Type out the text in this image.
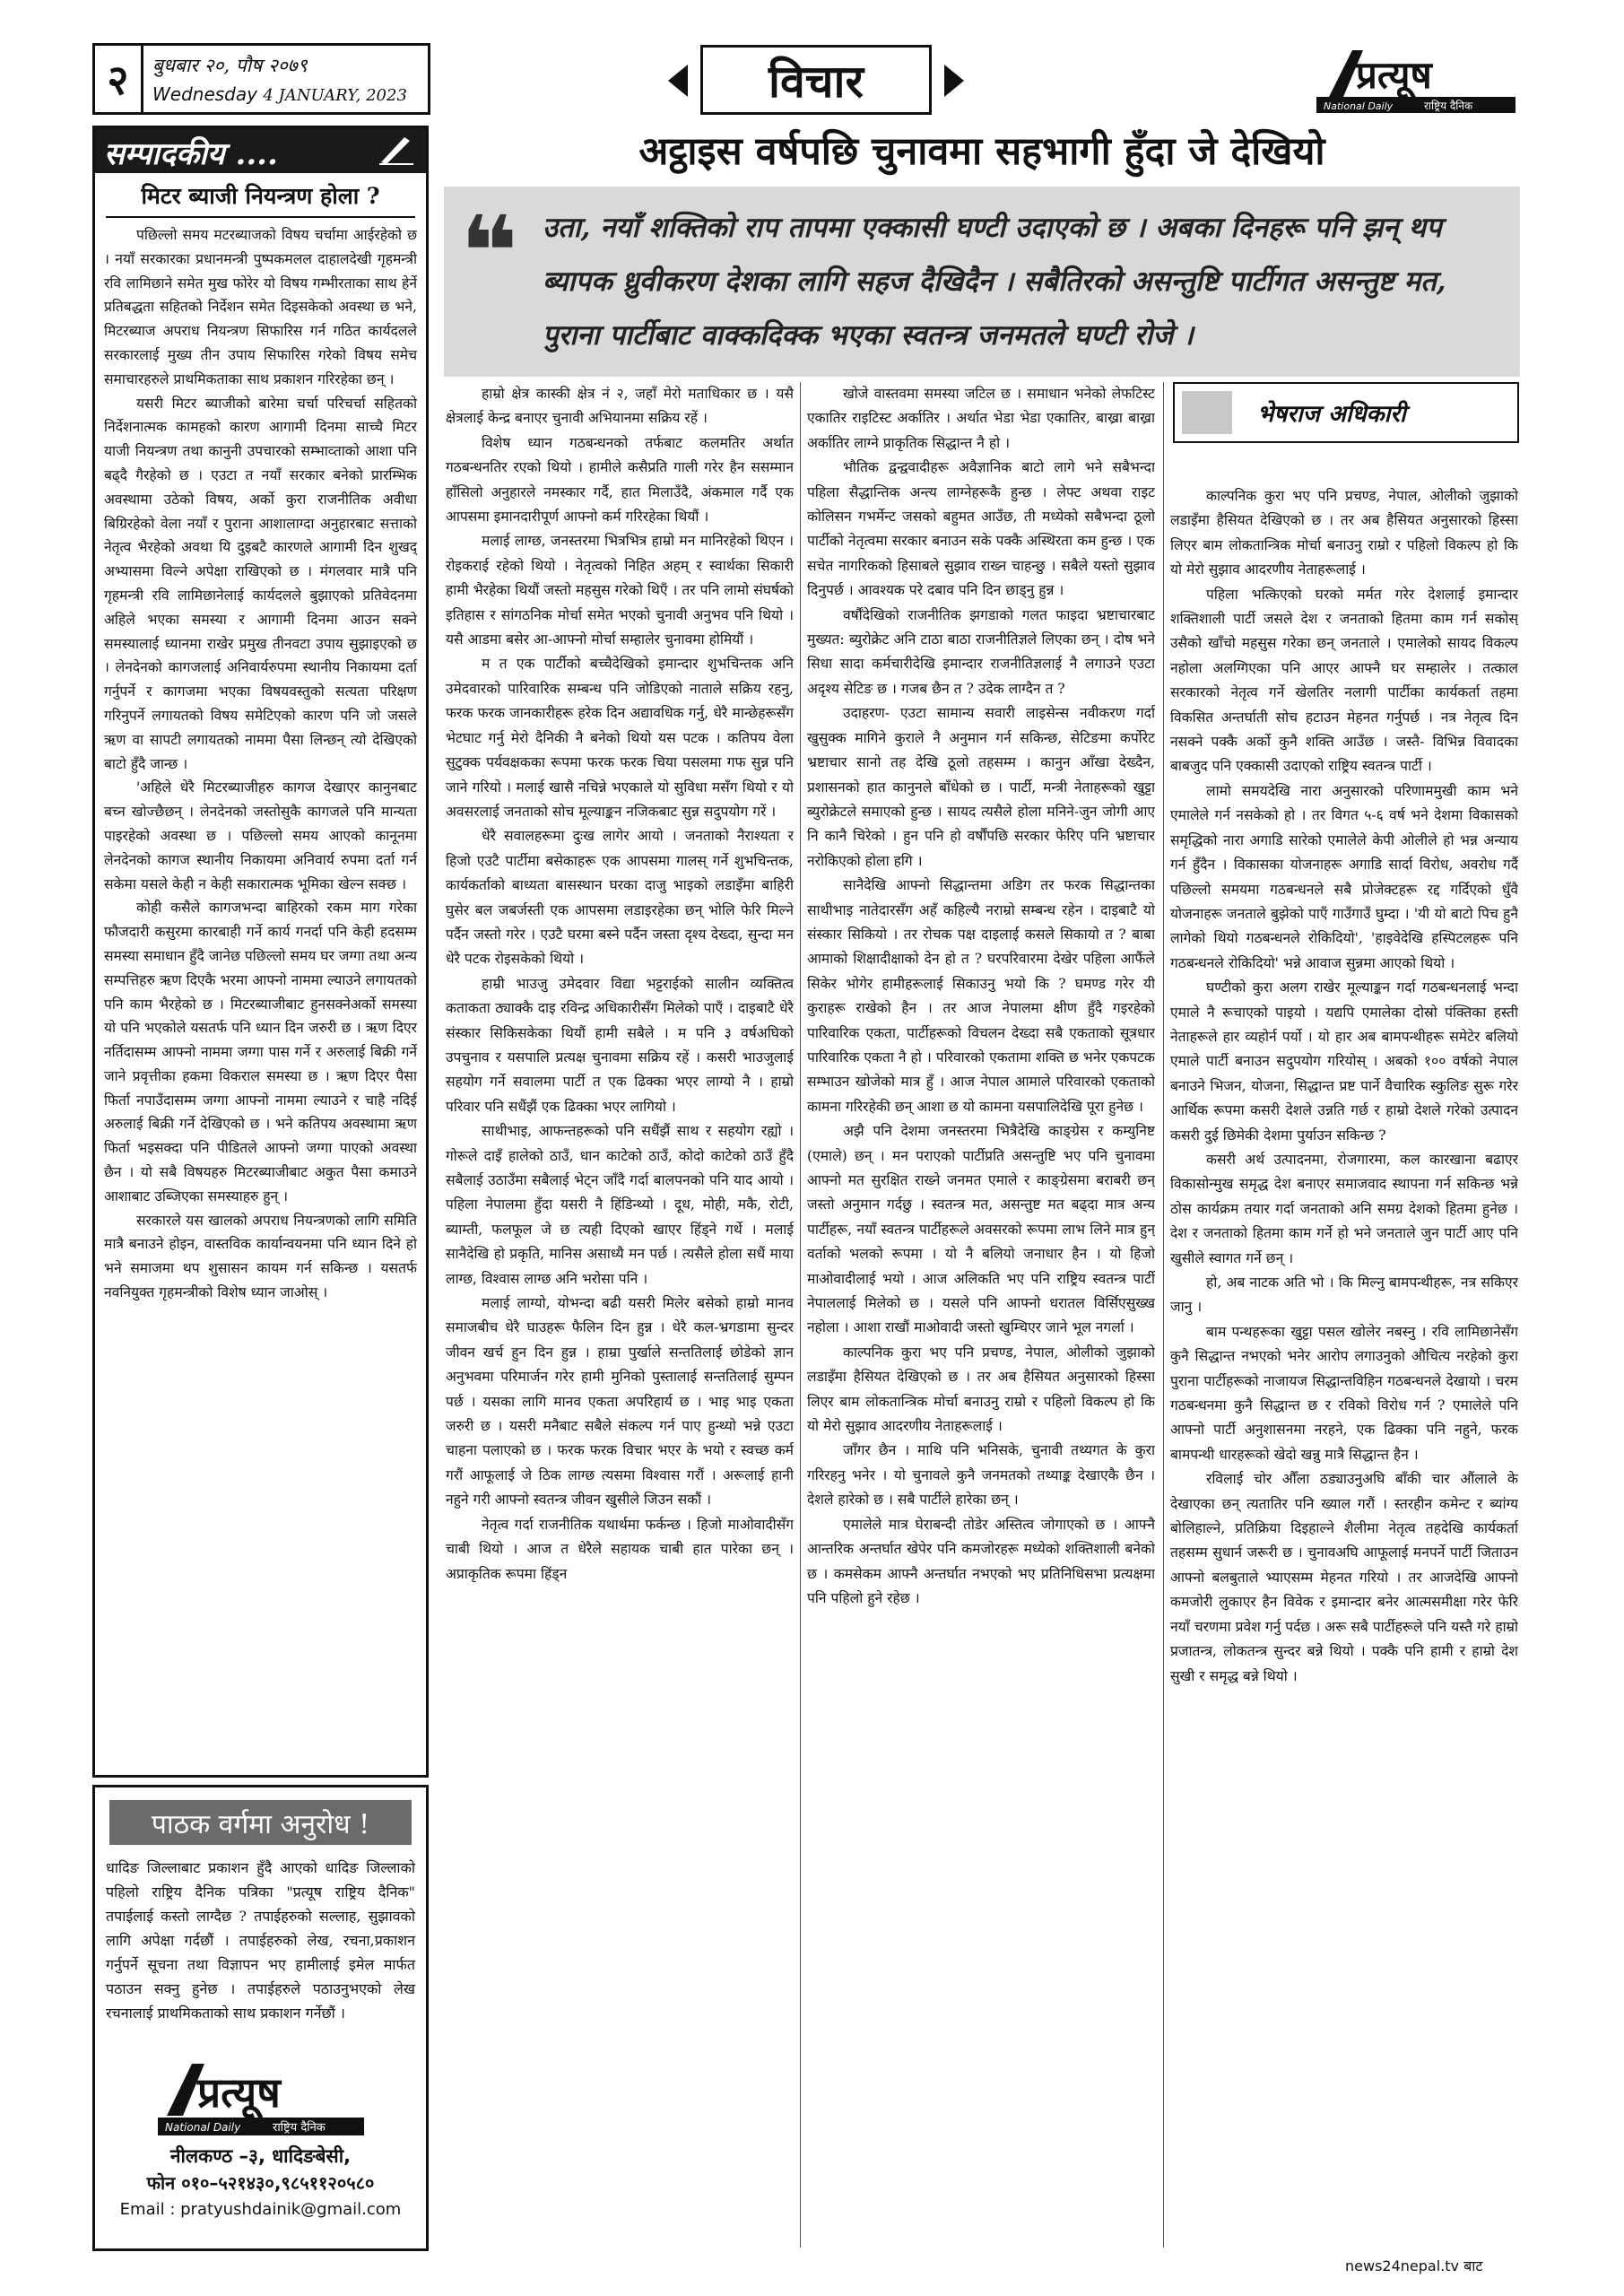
२	बुधबार २०, पौष २०७९
Wednesday 4 JANUARY, 2023	विचार	प्रत्यूष
National Daily	राष्ट्रिय दैनिक
सम्पादकीय ....
मिटर ब्याजी नियन्त्रण होला ?

पछिल्लो समय मटरब्याजको विषय चर्चामा आईरहेको छ । नयाँ सरकारका प्रधानमन्त्री पुष्पकमलल दाहालदेखी गृहमन्त्री रवि लामिछाने समेत मुख फोरेर यो विषय गम्भीरताका साथ हेर्ने प्रतिबद्धता सहितको निर्देशन समेत दिइसकेको अवस्था छ भने, मिटरब्याज अपराध नियन्त्रण सिफारिस गर्न गठित कार्यदलले सरकारलाई मुख्य तीन उपाय सिफारिस गरेको विषय समेच समाचारहरुले प्राथमिकताका साथ प्रकाशन गरिरहेका छन् ।

यसरी मिटर ब्याजीको बारेमा चर्चा परिचर्चा सहितको निर्देशनात्मक कामहको कारण आगामी दिनमा साच्चै मिटर याजी नियन्त्रण तथा कानुनी उपचारको सम्भाव्ताको आशा पनि बढ्दै गैरहेको छ । एउटा त नयाँ सरकार बनेको प्रारम्भिक अवस्थामा उठेको विषय, अर्को कुरा राजनीतिक अवीधा बिग्रिरहेको वेला नयाँ र पुराना आशालाग्दा अनुहारबाट सत्ताको नेतृत्व भैरहेको अवथा यि दुइबटै कारणले आगामी दिन शुखद् अभ्यासमा विल्ने अपेक्षा राखिएको छ । मंगलवार मात्रै पनि गृहमन्त्री रवि लामिछानेलाई कार्यदलले बुझाएको प्रतिवेदनमा अहिले भएका समस्या र आगामी दिनमा आउन सक्ने समस्यालाई ध्यानमा राखेर प्रमुख तीनवटा उपाय सुझाइएको छ । लेनदेनको कागजलाई अनिवार्यरुपमा स्थानीय निकायमा दर्ता गर्नुपर्ने र कागजमा भएका विषयवस्तुको सत्यता परिक्षण गरिनुपर्ने लगायतको विषय समेटिएको कारण पनि जो जसले ऋण वा सापटी लगायतको नाममा पैसा लिन्छन् त्यो देखिएको बाटो हुँदै जान्छ ।

'अहिले धेरै मिटरब्याजीहरु कागज देखाएर कानुनबाट बच्न खोज्छैछन् । लेनदेनको जस्तोसुकै कागजले पनि मान्यता पाइरहेको अवस्था छ । पछिल्लो समय आएको कानूनमा लेनदेनको कागज स्थानीय निकायमा अनिवार्य रुपमा दर्ता गर्न सकेमा यसले केही न केही सकारात्मक भूमिका खेल्न सक्छ ।

कोही कसैले कागजभन्दा बाहिरको रकम माग गरेका फौजदारी कसुरमा कारबाही गर्ने कार्य गनर्दा पनि केही हदसम्म समस्या समाधान हुँदै जानेछ पछिल्लो समय घर जग्गा तथा अन्य सम्पत्तिहरु ऋण दिएकै भरमा आफ्नो नाममा ल्याउने लगायतको पनि काम भैरहेको छ । मिटरब्याजीबाट हुनसक्नेअर्को समस्या यो पनि भएकोले यसतर्फ पनि ध्यान दिन जरुरी छ । ऋण दिएर नर्तिदासम्म आफ्नो नाममा जग्गा पास गर्ने र अरुलाई बिक्री गर्ने जाने प्रवृत्तीका हकमा विकराल समस्या छ । ऋण दिएर पैसा फिर्ता नपाउँदासम्म जग्गा आफ्नो नाममा ल्याउने र चाहै नदिई अरुलाई बिक्री गर्ने देखिएको छ । भने कतिपय अवस्थामा ऋण फिर्ता भइसक्दा पनि पीडितले आफ्नो जग्गा पाएको अवस्था छैन । यो सबै विषयहरु मिटरब्याजीबाट अकुत पैसा कमाउने आशाबाट उब्जिएका समस्याहरु हुन् ।

सरकारले यस खालको अपराध नियन्त्रणको लागि समिति मात्रै बनाउने होइन, वास्तविक कार्यान्वयनमा पनि ध्यान दिने हो भने समाजमा थप शुसासन कायम गर्न सकिन्छ । यसतर्फ नवनियुक्त गृहमन्त्रीको विशेष ध्यान जाओस् ।

पाठक वर्गमा अनुरोध !
धादिङ जिल्लाबाट प्रकाशन हुँदै आएको धादिङ जिल्लाको पहिलो राष्ट्रिय दैनिक पत्रिका "प्रत्यूष राष्ट्रिय दैनिक" तपाईलाई कस्तो लाग्दैछ ? तपाईहरुको सल्लाह, सुझावको लागि अपेक्षा गर्दछौं । तपाईहरुको लेख, रचना,प्रकाशन गर्नुपर्ने सूचना तथा विज्ञापन भए हामीलाई इमेल मार्फत पठाउन सक्नु हुनेछ । तपाईहरुले पठाउनुभएको लेख रचनालाई प्राथमिकताको साथ प्रकाशन गर्नेछौं ।
प्रत्यूष
National Daily	राष्ट्रिय दैनिक
नीलकण्ठ –३, धादिङबेसी,
फोन ०१०–५२१४३०,९८५११२०५८०
Email : pratyushdainik@gmail.com
अट्ठाइस वर्षपछि चुनावमा सहभागी हुँदा जे देखियो
❝ उता, नयाँ शक्तिको राप तापमा एक्कासी घण्टी उदाएको छ । अबका दिनहरू पनि झन् थप ब्यापक ध्रुवीकरण देशका लागि सहज दैखिदैन । सबैतिरको असन्तुष्टि पार्टीगत असन्तुष्ट मत, पुराना पार्टीबाट वाक्कदिक्क भएका स्वतन्त्र जनमतले घण्टी रोजे ।

हाम्रो क्षेत्र कास्की क्षेत्र नं २, जहाँ मेरो मताधिकार छ । यसै क्षेत्रलाई केन्द्र बनाएर चुनावी अभियानमा सक्रिय रहें ।

विशेष ध्यान गठबन्धनको तर्फबाट कलमतिर अर्थात गठबन्धनतिर रएको थियो । हामीले कसैप्रति गाली गरेर हैन ससम्मान हाँसिलो अनुहारले नमस्कार गर्दै, हात मिलाउँदै, अंकमाल गर्दै एक आपसमा इमानदारीपूर्ण आफ्नो कर्म गरिरहेका थियौं ।

मलाई लाग्छ, जनस्तरमा भित्रभित्र हाम्रो मन मानिरहेको थिएन । रोइकराई रहेको थियो । नेतृत्वको निहित अहम् र स्वार्थका सिकारी हामी भैरहेका थियौं जस्तो महसुस गरेको थिएँ । तर पनि लामो संघर्षको इतिहास र सांगठनिक मोर्चा समेत भएको चुनावी अनुभव पनि थियो । यसै आडमा बसेर आ-आफ्नो मोर्चा सम्हालेर चुनावमा होमियौं ।

म त एक पार्टीको बच्चैदेखिको इमान्दार शुभचिन्तक अनि उमेदवारको पारिवारिक सम्बन्ध पनि जोडिएको नाताले सक्रिय रहनु, फरक फरक जानकारीहरू हरेक दिन अद्यावधिक गर्नु, धेरै मान्छेहरूसँग भेटघाट गर्नु मेरो दैनिकी नै बनेको थियो यस पटक । कतिपय वेला सुटुक्क पर्यवक्षकका रूपमा फरक फरक चिया पसलमा गफ सुन्न पनि जाने गरियो । मलाई खासै नचिन्ने भएकाले यो सुविधा मसँग थियो र यो अवसरलाई जनताको सोच मूल्याङ्कन नजिकबाट सुन्न सदुपयोग गरें ।

धेरै सवालहरूमा दुःख लागेर आयो । जनताको नैराश्यता र हिजो एउटै पार्टीमा बसेकाहरू एक आपसमा गालस् गर्ने शुभचिन्तक, कार्यकर्ताको बाध्यता बासस्थान घरका दाजु भाइको लडाइँमा बाहिरी घुसेर बल जबर्जस्ती एक आपसमा लडाइरहेका छन् भोलि फेरि मिल्ने पर्दैन जस्तो गरेर । एउटै घरमा बस्ने पर्दैन जस्ता दृश्य देख्दा, सुन्दा मन धेरै पटक रोइसकेको थियो ।

हाम्री भाउजु उमेदवार विद्या भट्टराईको सालीन व्यक्तित्व कताकता ठ्याक्कै दाइ रविन्द्र अधिकारीसँग मिलेको पाएँ । दाइबाटै धेरै संस्कार सिकिसकेका थियौं हामी सबैले । म पनि ३ वर्षअघिको उपचुनाव र यसपालि प्रत्यक्ष चुनावमा सक्रिय रहें । कसरी भाउजुलाई सहयोग गर्ने सवालमा पार्टी त एक ढिक्का भएर लाग्यो नै । हाम्रो परिवार पनि सधैंझैं एक ढिक्का भएर लागियो ।

साथीभाइ, आफन्तहरूको पनि सधैंझैं साथ र सहयोग रह्यो । गोरूले दाइँ हालेको ठाउँ, धान काटेको ठाउँ, कोदो काटेको ठाउँ हुँदै सबैलाई उठाउँमा सबैलाई भेट्न जाँदै गर्दा बालपनको पनि याद आयो । पहिला नेपालमा हुँदा यसरी नै हिंडिन्थ्यो । दूध, मोही, मकै, रोटी, ब्याम्ती, फलफूल जे छ त्यही दिएको खाएर हिंड्ने गर्थे । मलाई सानैदेखि हो प्रकृति, मानिस असाध्यै मन पर्छ । त्यसैले होला सधैं माया लाग्छ, विश्वास लाग्छ अनि भरोसा पनि ।

मलाई लाग्यो, योभन्दा बढी यसरी मिलेर बसेको हाम्रो मानव समाजबीच धेरै घाउहरू फैलिन दिन हुन्न । धेरै कल-भ्रगडामा सुन्दर जीवन खर्च हुन दिन हुन्न । हाम्रा पुर्खाले सन्ततिलाई छोडेको ज्ञान अनुभवमा परिमार्जन गरेर हामी मुनिको पुस्तालाई सन्ततिलाई सुम्पन पर्छ । यसका लागि मानव एकता अपरिहार्य छ । भाइ भाइ एकता जरुरी छ । यसरी मनैबाट सबैले संकल्प गर्न पाए हुन्थ्यो भन्ने एउटा चाहना पलाएको छ । फरक फरक विचार भएर के भयो र स्वच्छ कर्म गरौं आफूलाई जे ठिक लाग्छ त्यसमा विश्वास गरौं । अरूलाई हानी नहुने गरी आफ्नो स्वतन्त्र जीवन खुसीले जिउन सकौं ।

नेतृत्व गर्दा राजनीतिक यथार्थमा फर्कन्छ । हिजो माओवादीसँग चाबी थियो । आज त धेरैले सहायक चाबी हात पारेका छन् । अप्राकृतिक रूपमा हिंड्न

खोजे वास्तवमा समस्या जटिल छ । समाधान भनेको लेफटिस्ट एकातिर राइटिस्ट अर्कातिर । अर्थात भेडा भेडा एकातिर, बाख्रा बाख्रा अर्कातिर लाग्ने प्राकृतिक सिद्धान्त नै हो ।

भौतिक द्वन्द्ववादीहरू अवैज्ञानिक बाटो लागे भने सबैभन्दा पहिला सैद्धान्तिक अन्त्य लाग्नेहरूकै हुन्छ । लेफ्ट अथवा राइट कोलिसन गभर्मेन्ट जसको बहुमत आउँछ, ती मध्येको सबैभन्दा ठूलो पार्टीको नेतृत्वमा सरकार बनाउन सके पक्कै अस्थिरता कम हुन्छ । एक सचेत नागरिकको हिसाबले सुझाव राख्न चाहन्छु । सबैले यस्तो सुझाव दिनुपर्छ । आवश्यक परे दबाव पनि दिन छाड्नु हुन्न ।

वर्षौंदेखिको राजनीतिक झगडाको गलत फाइदा भ्रष्टाचारबाट मुख्यत: ब्युरोक्रेट अनि टाठा बाठा राजनीतिज्ञले लिएका छन् । दोष भने सिधा सादा कर्मचारीदेखि इमान्दार राजनीतिज्ञलाई नै लगाउने एउटा अदृश्य सेटिङ छ । गजब छैन त ? उदेक लाग्दैन त ?

उदाहरण- एउटा सामान्य सवारी लाइसेन्स नवीकरण गर्दा खुसुक्क मागिने कुराले नै अनुमान गर्न सकिन्छ, सेटिङमा कर्पोरेट भ्रष्टाचार सानो तह देखि ठूलो तहसम्म । कानुन आँखा देख्दैन, प्रशासनको हात कानुनले बाँधेको छ । पार्टी, मन्त्री नेताहरूको खुट्टा ब्युरोक्रेटले समाएको हुन्छ । सायद त्यसैले होला मनिने-जुन जोगी आए नि कानै चिरेको । हुन पनि हो वर्षौंपछि सरकार फेरिए पनि भ्रष्टाचार नरोकिएको होला हगि ।

सानैदेखि आफ्नो सिद्धान्तमा अडिग तर फरक सिद्धान्तका साथीभाइ नातेदारसँग अहँ कहिल्यै नराम्रो सम्बन्ध रहेन । दाइबाटै यो संस्कार सिकियो । तर रोचक पक्ष दाइलाई कसले सिकायो त ? बाबा आमाको शिक्षादीक्षाको देन हो त ? घरपरिवारमा देखेर पहिला आफैंले सिकेर भोगेर हामीहरूलाई सिकाउनु भयो कि ? घमण्ड गरेर यी कुराहरू राखेको हैन । तर आज नेपालमा क्षीण हुँदै गइरहेको पारिवारिक एकता, पार्टीहरूको विचलन देख्दा सबै एकताको सूत्रधार पारिवारिक एकता नै हो । परिवारको एकतामा शक्ति छ भनेर एकपटक सम्भाउन खोजेको मात्र हुँ । आज नेपाल आमाले परिवारको एकताको कामना गरिरहेकी छन् आशा छ यो कामना यसपालिदेखि पूरा हुनेछ ।

अझै पनि देशमा जनस्तरमा भित्रैदेखि काङ्ग्रेस र कम्युनिष्ट (एमाले) छन् । मन पराएको पार्टीप्रति असन्तुष्टि भए पनि चुनावमा आफ्नो मत सुरक्षित राख्ने जनमत एमाले र काङ्ग्रेसमा बराबरी छन् जस्तो अनुमान गर्दछु । स्वतन्त्र मत, असन्तुष्ट मत बढ्दा मात्र अन्य पार्टीहरू, नयाँ स्वतन्त्र पार्टीहरूले अवसरको रूपमा लाभ लिने मात्र हुन् वर्ताको भलको रूपमा । यो नै बलियो जनाधार हैन । यो हिजो माओवादीलाई भयो । आज अलिकति भए पनि राष्ट्रिय स्वतन्त्र पार्टी नेपाललाई मिलेको छ । यसले पनि आफ्नो धरातल विर्सिएसुख्ख नहोला । आशा राखौं माओवादी जस्तो खुम्चिएर जाने भूल नगर्ला ।

काल्पनिक कुरा भए पनि प्रचण्ड, नेपाल, ओलीको जुझाको लडाइँमा हैसियत देखिएको छ । तर अब हैसियत अनुसारको हिस्सा लिएर बाम लोकतान्त्रिक मोर्चा बनाउनु राम्रो र पहिलो विकल्प हो कि यो मेरो सुझाव आदरणीय नेताहरूलाई ।

जाँगर छैन । माथि पनि भनिसके, चुनावी तथ्यगत के कुरा गरिरहनु भनेर । यो चुनावले कुनै जनमतको तथ्याङ्क देखाएकै छैन । देशले हारेको छ । सबै पार्टीले हारेका छन् ।

एमालेले मात्र घेराबन्दी तोडेर अस्तित्व जोगाएको छ । आफ्नै आन्तरिक अन्तर्घात खेपेर पनि कमजोरहरू मध्येको शक्तिशाली बनेको छ । कमसेकम आफ्नै अन्तर्घात नभएको भए प्रतिनिधिसभा प्रत्यक्षमा पनि पहिलो हुने रहेछ ।

भेषराज अधिकारी

काल्पनिक कुरा भए पनि प्रचण्ड, नेपाल, ओलीको जुझाको लडाइँमा हैसियत देखिएको छ । तर अब हैसियत अनुसारको हिस्सा लिएर बाम लोकतान्त्रिक मोर्चा बनाउनु राम्रो र पहिलो विकल्प हो कि यो मेरो सुझाव आदरणीय नेताहरूलाई ।

पहिला भत्किएको घरको मर्मत गरेर देशलाई इमान्दार शक्तिशाली पार्टी जसले देश र जनताको हितमा काम गर्न सकोस् उसैको खाँचो महसुस गरेका छन् जनताले । एमालेको सायद विकल्प नहोला अलग्गिएका पनि आएर आफ्नै घर सम्हालेर । तत्काल सरकारको नेतृत्व गर्ने खेलतिर नलागी पार्टीका कार्यकर्ता तहमा विकसित अन्तर्घाती सोच हटाउन मेहनत गर्नुपर्छ । नत्र नेतृत्व दिन नसक्ने पक्कै अर्को कुनै शक्ति आउँछ । जस्तै- विभिन्न विवादका बाबजुद पनि एक्कासी उदाएको राष्ट्रिय स्वतन्त्र पार्टी ।

लामो समयदेखि नारा अनुसारको परिणाममुखी काम भने एमालेले गर्न नसकेको हो । तर विगत ५-६ वर्ष भने देशमा विकासको समृद्धिको नारा अगाडि सारेको एमालेले केपी ओलीले हो भन्न अन्याय गर्न हुँदैन । विकासका योजनाहरू अगाडि सार्दा विरोध, अवरोध गर्दै पछिल्लो समयमा गठबन्धनले सबै प्रोजेक्टहरू रद्द गर्दिएको धुँवै योजनाहरू जनताले बुझेको पाएँ गाउँगाउँ घुम्दा । 'यी यो बाटो पिच हुनै लागेको थियो गठबन्धनले रोकिदियो', 'हाइवेदेखि हस्पिटलहरू पनि गठबन्धनले रोकिदियो' भन्ने आवाज सुन्नमा आएको थियो ।

घण्टीको कुरा अलग राखेर मूल्याङ्कन गर्दा गठबन्धनलाई भन्दा एमाले नै रूचाएको पाइयो । यद्यपि एमालेका दोस्रो पंक्तिका हस्ती नेताहरूले हार व्यहोर्न पर्यो । यो हार अब बामपन्थीहरू समेटेर बलियो एमाले पार्टी बनाउन सदुपयोग गरियोस् । अबको १०० वर्षको नेपाल बनाउने भिजन, योजना, सिद्धान्त प्रष्ट पार्ने वैचारिक स्कुलिङ सुरू गरेर आर्थिक रूपमा कसरी देशले उन्नति गर्छ र हाम्रो देशले गरेको उत्पादन कसरी दुई छिमेकी देशमा पुर्याउन सकिन्छ ?

कसरी अर्थ उत्पादनमा, रोजगारमा, कल कारखाना बढाएर विकासोन्मुख समृद्ध देश बनाएर समाजवाद स्थापना गर्न सकिन्छ भन्ने ठोस कार्यक्रम तयार गर्दा जनताको अनि समग्र देशको हितमा हुनेछ । देश र जनताको हितमा काम गर्ने हो भने जनताले जुन पार्टी आए पनि खुसीले स्वागत गर्ने छन् ।

हो, अब नाटक अति भो । कि मिल्नु बामपन्थीहरू, नत्र सकिएर जानु ।

बाम पन्थहरूका खुट्टा पसल खोलेर नबस्नु । रवि लामिछानेसँग कुनै सिद्धान्त नभएको भनेर आरोप लगाउनुको औचित्य नरहेको कुरा पुराना पार्टीहरूको नाजायज सिद्धान्तविहिन गठबन्धनले देखायो । चरम गठबन्धनमा कुनै सिद्धान्त छ र रविको विरोध गर्न ? एमालेले पनि आफ्नो पार्टी अनुशासनमा नरहने, एक ढिक्का पनि नहुने, फरक बामपन्थी धारहरूको खेदो खन्नु मात्रै सिद्धान्त हैन ।

रविलाई चोर औँला ठड्याउनुअघि बाँकी चार औंलाले के देखाएका छन् त्यतातिर पनि ख्याल गरौं । स्तरहीन कमेन्ट र ब्यांग्य बोलिहाल्ने, प्रतिक्रिया दिइहाल्ने शैलीमा नेतृत्व तहदेखि कार्यकर्ता तहसम्म सुधार्न जरूरी छ । चुनावअघि आफूलाई मनपर्ने पार्टी जिताउन आफ्नो बलबुताले भ्याएसम्म मेहनत गरियो । तर आजदेखि आफ्नो कमजोरी लुकाएर हैन विवेक र इमान्दार बनेर आत्मसमीक्षा गरेर फेरि नयाँ चरणमा प्रवेश गर्नु पर्दछ । अरू सबै पार्टीहरूले पनि यस्तै गरे हाम्रो प्रजातन्त्र, लोकतन्त्र सुन्दर बन्ने थियो । पक्कै पनि हामी र हाम्रो देश सुखी र समृद्ध बन्ने थियो ।

news24nepal.tv बाट
